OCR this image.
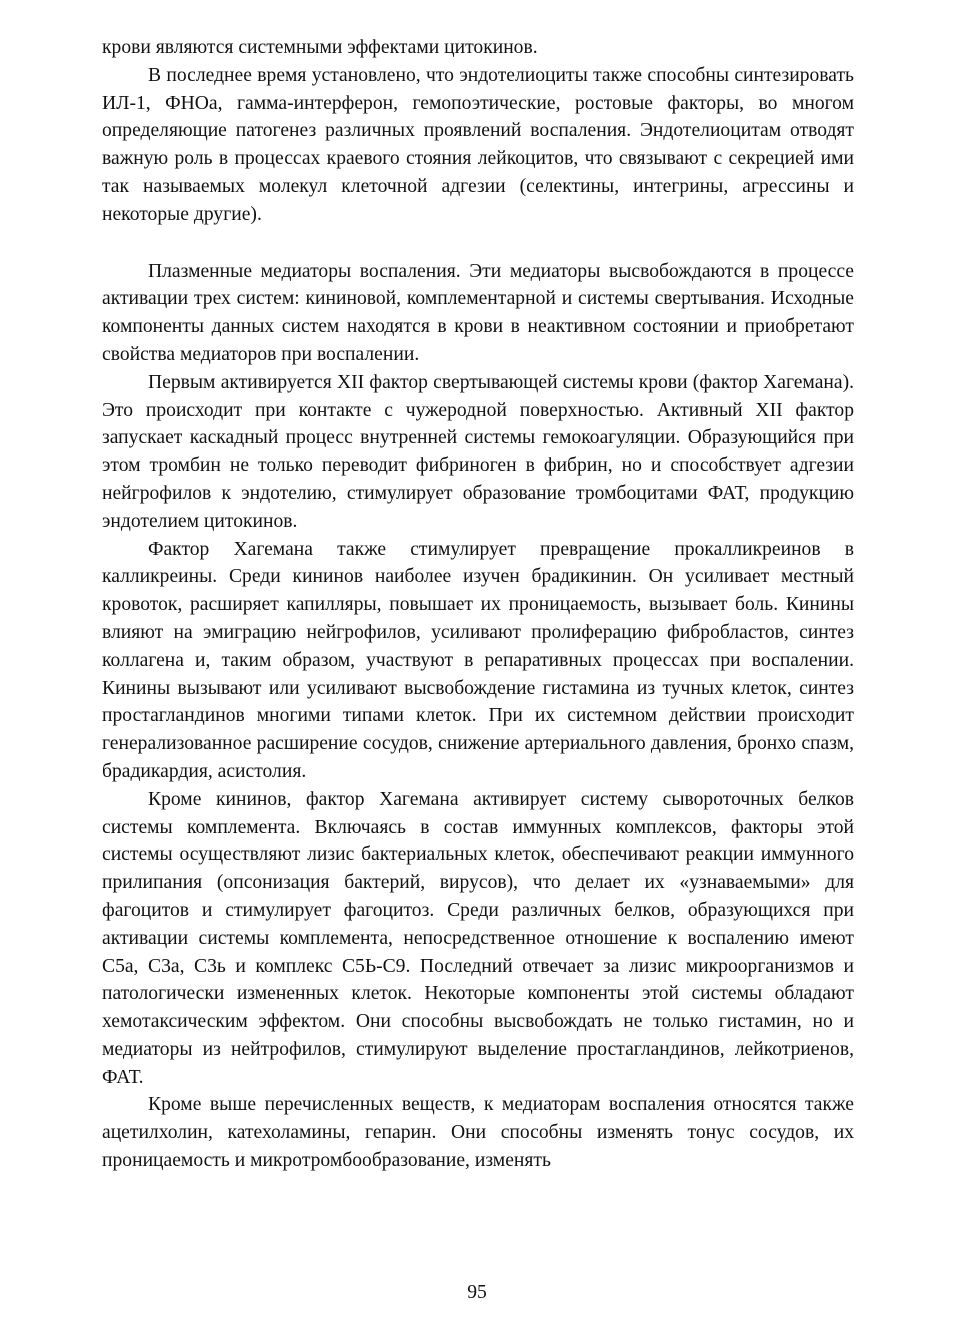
крови являются системными эффектами цитокинов.

В последнее время установлено, что эндотелиоциты также способны синтезировать ИЛ-1, ФНОа, гамма-интерферон, гемопоэтические, ростовые факторы, во многом определяющие патогенез различных проявлений воспаления. Эндотелиоцитам отводят важную роль в процессах краевого стояния лейкоцитов, что связывают с секрецией ими так называемых молекул клеточной адгезии (селектины, интегрины, агрессины и некоторые другие).

Плазменные медиаторы воспаления. Эти медиаторы высвобождаются в процессе активации трех систем: кининовой, комплементарной и системы свертывания. Исходные компоненты данных систем находятся в крови в неактивном состоянии и приобретают свойства медиаторов при воспалении.

Первым активируется XII фактор свертывающей системы крови (фактор Хагемана). Это происходит при контакте с чужеродной поверхностью. Активный XII фактор запускает каскадный процесс внутренней системы гемокоагуляции. Образующийся при этом тромбин не только переводит фибриноген в фибрин, но и способствует адгезии нейгрофилов к эндотелию, стимулирует образование тромбоцитами ФАТ, продукцию эндотелием цитокинов.

Фактор Хагемана также стимулирует превращение прокалликреинов в калликреины. Среди кининов наиболее изучен брадикинин. Он усиливает местный кровоток, расширяет капилляры, повышает их проницаемость, вызывает боль. Кинины влияют на эмиграцию нейгрофилов, усиливают пролиферацию фибробластов, синтез коллагена и, таким образом, участвуют в репаративных процессах при воспалении. Кинины вызывают или усиливают высвобождение гистамина из тучных клеток, синтез простагландинов многими типами клеток. При их системном действии происходит генерализованное расширение сосудов, снижение артериального давления, бронхо спазм, брадикардия, асистолия.

Кроме кининов, фактор Хагемана активирует систему сывороточных белков системы комплемента. Включаясь в состав иммунных комплексов, факторы этой системы осуществляют лизис бактериальных клеток, обеспечивают реакции иммунного прилипания (опсонизация бактерий, вирусов), что делает их «узнаваемыми» для фагоцитов и стимулирует фагоцитоз. Среди различных белков, образующихся при активации системы комплемента, непосредственное отношение к воспалению имеют С5а, С3а, С3ь и комплекс С5Ь-С9. Последний отвечает за лизис микроорганизмов и патологически измененных клеток. Некоторые компоненты этой системы обладают хемотаксическим эффектом. Они способны высвобождать не только гистамин, но и медиаторы из нейтрофилов, стимулируют выделение простагландинов, лейкотриенов, ФАТ.

Кроме выше перечисленных веществ, к медиаторам воспаления относятся также ацетилхолин, катехоламины, гепарин. Они способны изменять тонус сосудов, их проницаемость и микротромбообразование, изменять

95
